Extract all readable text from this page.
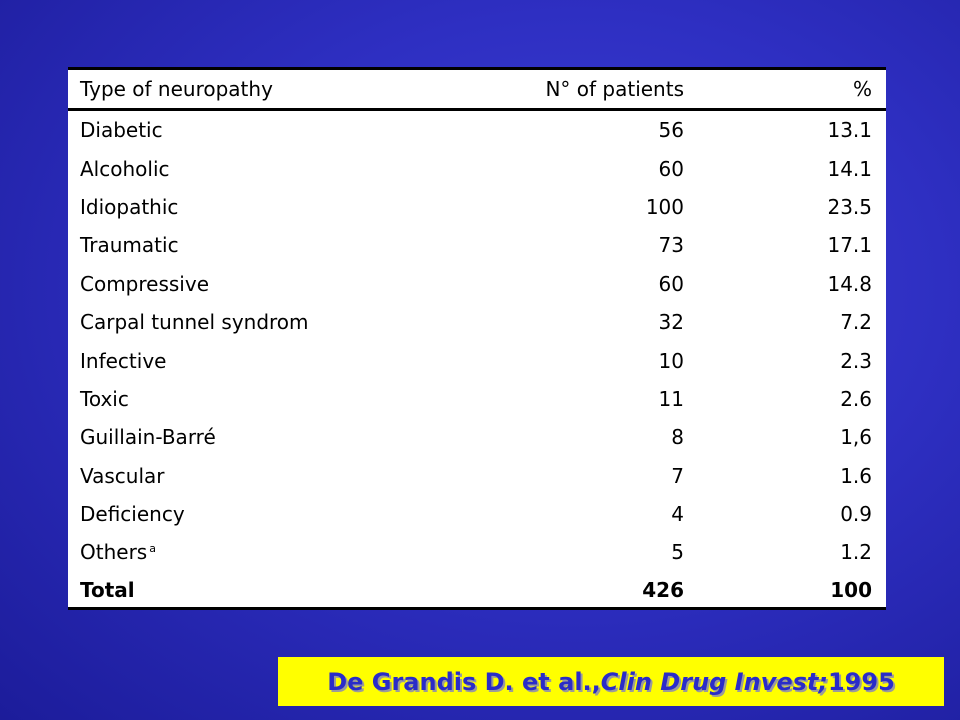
Type of neuropathy	N° of patients	%
Diabetic	56	13.1
Alcoholic	60	14.1
Idiopathic	100	23.5
Traumatic	73	17.1
Compressive	60	14.8
Carpal tunnel syndrom	32	7.2
Infective	10	2.3
Toxic	11	2.6
Guillain-Barré	8	1,6
Vascular	7	1.6
Deficiency	4	0.9
Others $^a$	5	1.2
Total	426	100
De Grandis D. et al., Clin Drug Invest; 1995
